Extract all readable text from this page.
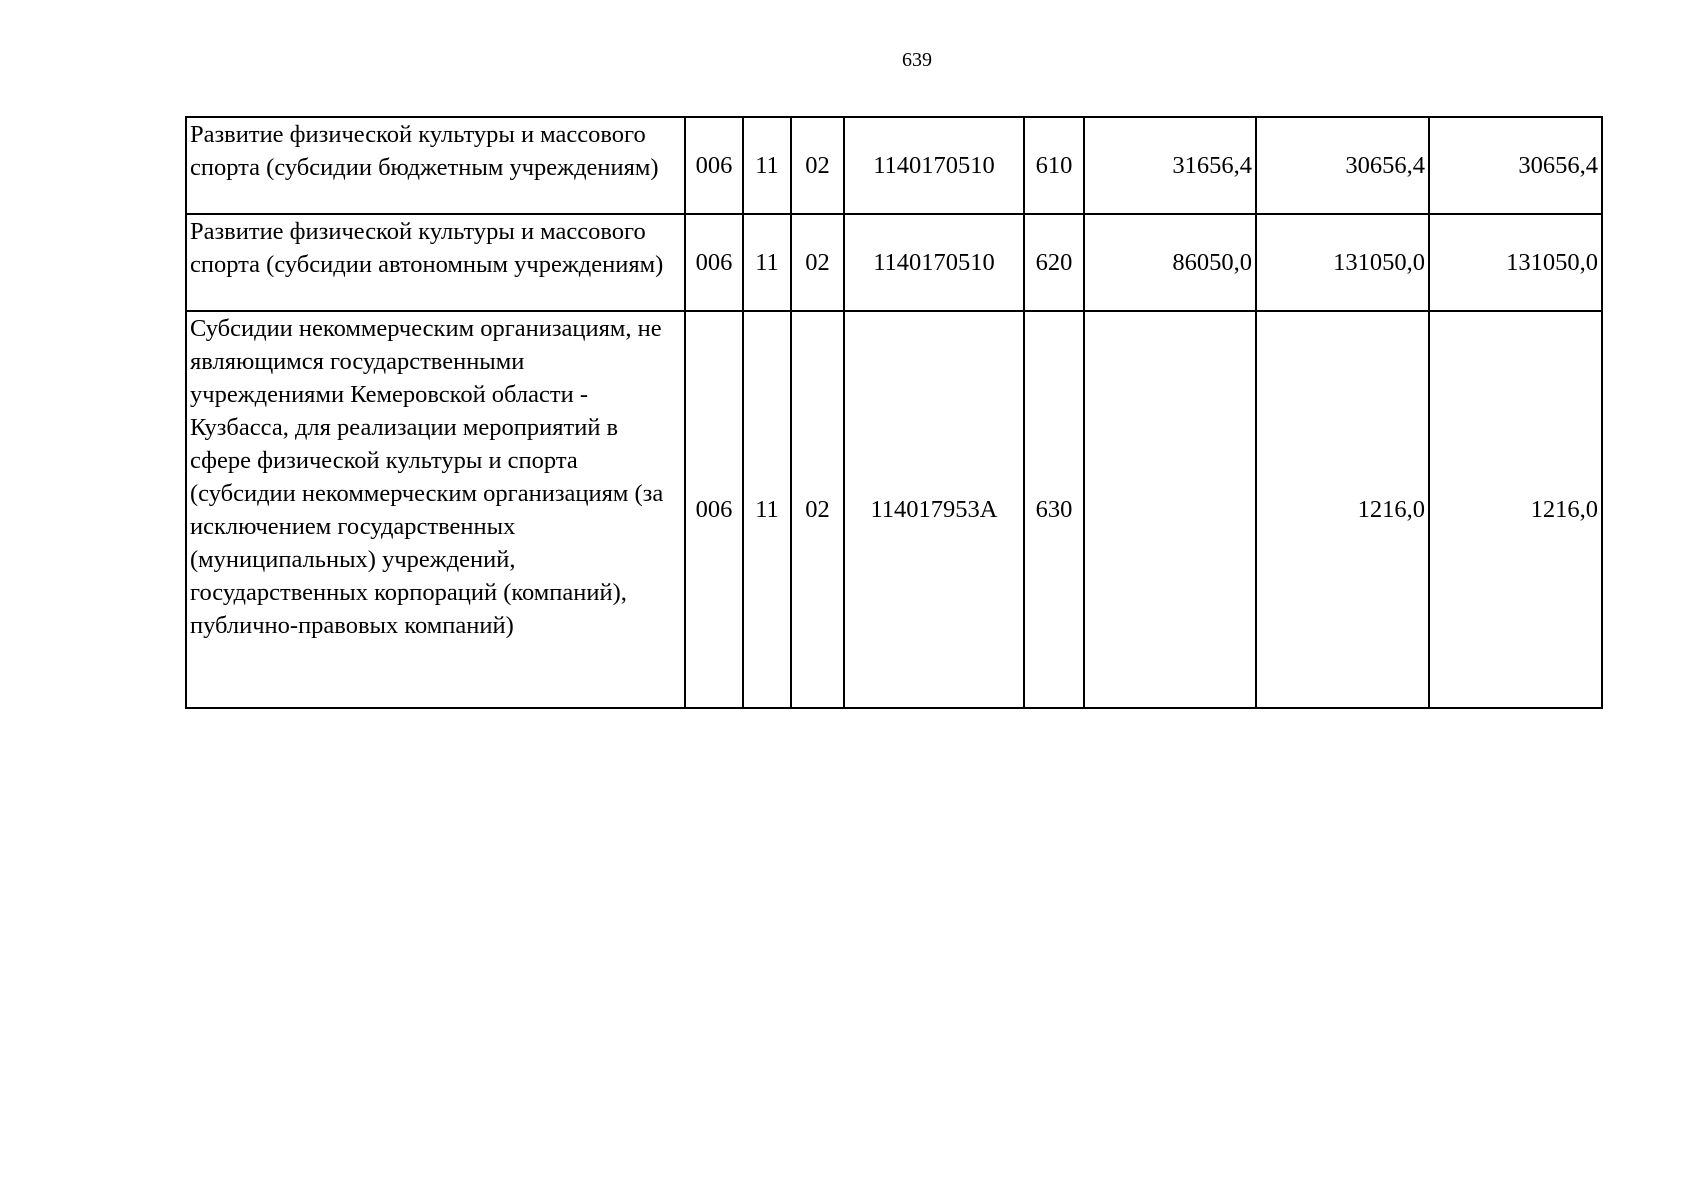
639
Развитие физической культуры и массового спорта (субсидии бюджетным учреждениям)	006	11	02	1140170510	610	31656,4	30656,4	30656,4
Развитие физической культуры и массового спорта (субсидии автономным учреждениям)	006	11	02	1140170510	620	86050,0	131050,0	131050,0
Субсидии некоммерческим организациям, не являющимся государственными учреждениями Кемеровской области - Кузбасса, для реализации мероприятий в сфере физической культуры и спорта (субсидии некоммерческим организациям (за исключением государственных (муниципальных) учреждений, государственных корпораций (компаний), публично-правовых компаний)	006	11	02	114017953А	630		1216,0	1216,0
